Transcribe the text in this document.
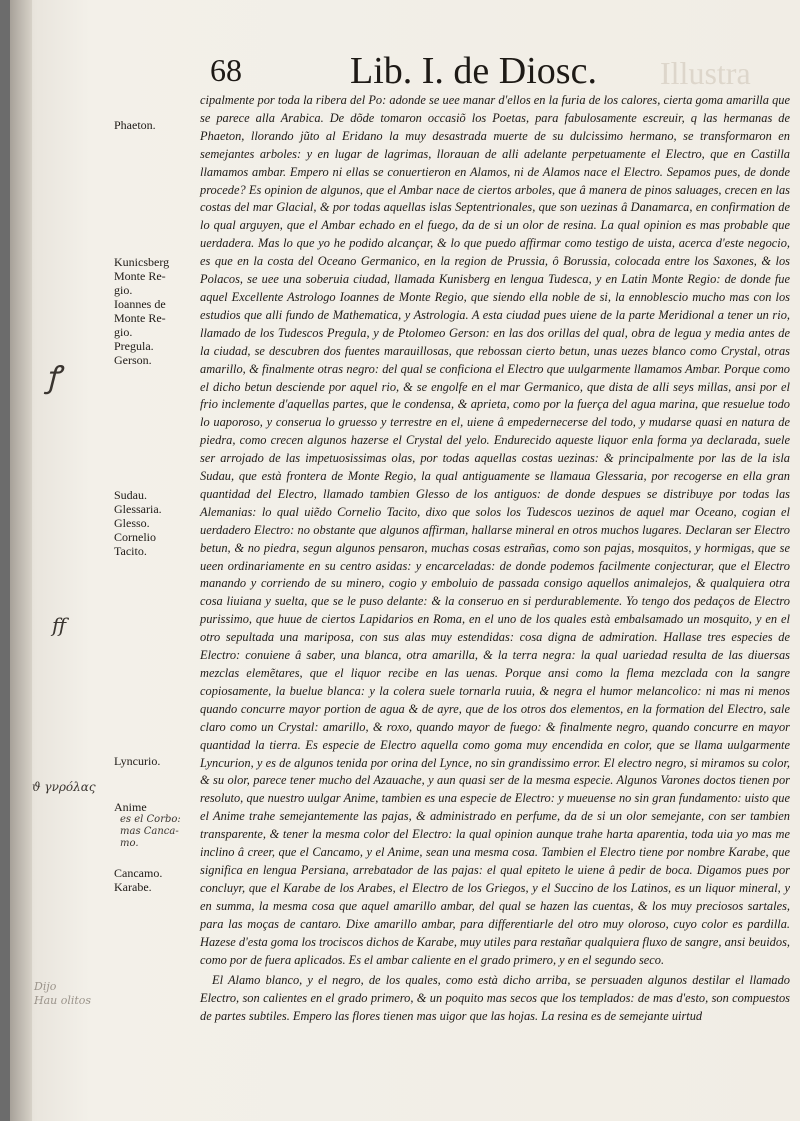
68	Lib. I. de Diosc. Illustra
Phaeton.
Kunicsberg
Monte Re-
gio.
Ioannes de
Monte Re-
gio.
Pregula.
Gerson.
Sudau.
Glessaria.
Glesso.
Cornelio
Tacito.
Lyncurio.
Anime
Cancamo.
Karabe.
ꝭ
ff
ϑ γνρόλας
es el Corbo:
mas Canca-
mo.
Dijo
Hau olitos

cipalmente por toda la ribera del Po: adonde se uee manar d'ellos en la furia de los calores, cierta goma amarilla que se parece alla Arabica. De dõde tomaron occasiõ los Poetas, para fabulosamente escreuir, q las hermanas de Phaeton, llorando jũto al Eridano la muy desastrada muerte de su dulcissimo hermano, se transformaron en semejantes arboles: y en lugar de lagrimas, llorauan de alli adelante perpetuamente el Electro, que en Castilla llamamos ambar. Empero ni ellas se conuertieron en Alamos, ni de Alamos nace el Electro. Sepamos pues, de donde procede? Es opinion de algunos, que el Ambar nace de ciertos arboles, que â manera de pinos saluages, crecen en las costas del mar Glacial, & por todas aquellas islas Septentrionales, que son uezinas â Danamarca, en confirmation de lo qual arguyen, que el Ambar echado en el fuego, da de si un olor de resina. La qual opinion es mas probable que uerdadera. Mas lo que yo he podido alcançar, & lo que puedo affirmar como testigo de uista, acerca d'este negocio, es que en la costa del Oceano Germanico, en la region de Prussia, ô Borussia, colocada entre los Saxones, & los Polacos, se uee una soberuia ciudad, llamada Kunisberg en lengua Tudesca, y en Latin Monte Regio: de donde fue aquel Excellente Astrologo Ioannes de Monte Regio, que siendo ella noble de si, la ennoblescio mucho mas con los estudios que alli fundo de Mathematica, y Astrologia. A esta ciudad pues uiene de la parte Meridional a tener un rio, llamado de los Tudescos Pregula, y de Ptolomeo Gerson: en las dos orillas del qual, obra de legua y media antes de la ciudad, se descubren dos fuentes marauillosas, que rebossan cierto betun, unas uezes blanco como Crystal, otras amarillo, & finalmente otras negro: del qual se conficiona el Electro que uulgarmente llamamos Ambar. Porque como el dicho betun desciende por aquel rio, & se engolfe en el mar Germanico, que dista de alli seys millas, ansi por el frio inclemente d'aquellas partes, que le condensa, & aprieta, como por la fuerça del agua marina, que resuelue todo lo uaporoso, y conserua lo gruesso y terrestre en el, uiene â empedernecerse del todo, y mudarse quasi en natura de piedra, como crecen algunos hazerse el Crystal del yelo. Endurecido aqueste liquor enla forma ya declarada, suele ser arrojado de las impetuosissimas olas, por todas aquellas costas uezinas: & principalmente por las de la isla Sudau, que està frontera de Monte Regio, la qual antiguamente se llamaua Glessaria, por recogerse en ella gran quantidad del Electro, llamado tambien Glesso de los antiguos: de donde despues se distribuye por todas las Alemanias: lo qual uiẽdo Cornelio Tacito, dixo que solos los Tudescos uezinos de aquel mar Oceano, cogian el uerdadero Electro: no obstante que algunos affirman, hallarse mineral en otros muchos lugares. Declaran ser Electro betun, & no piedra, segun algunos pensaron, muchas cosas estrañas, como son pajas, mosquitos, y hormigas, que se ueen ordinariamente en su centro asidas: y encarceladas: de donde podemos facilmente conjecturar, que el Electro manando y corriendo de su minero, cogio y emboluio de passada consigo aquellos animalejos, & qualquiera otra cosa liuiana y suelta, que se le puso delante: & la conseruo en si perdurablemente. Yo tengo dos pedaços de Electro purissimo, que huue de ciertos Lapidarios en Roma, en el uno de los quales està embalsamado un mosquito, y en el otro sepultada una mariposa, con sus alas muy estendidas: cosa digna de admiration. Hallase tres especies de Electro: conuiene â saber, una blanca, otra amarilla, & la terra negra: la qual uariedad resulta de las diuersas mezclas elemẽtares, que el liquor recibe en las uenas. Porque ansi como la flema mezclada con la sangre copiosamente, la buelue blanca: y la colera suele tornarla ruuia, & negra el humor melancolico: ni mas ni menos quando concurre mayor portion de agua & de ayre, que de los otros dos elementos, en la formation del Electro, sale claro como un Crystal: amarillo, & roxo, quando mayor de fuego: & finalmente negro, quando concurre en mayor quantidad la tierra. Es especie de Electro aquella como goma muy encendida en color, que se llama uulgarmente Lyncurion, y es de algunos tenida por orina del Lynce, no sin grandissimo error. El electro negro, si miramos su color, & su olor, parece tener mucho del Azauache, y aun quasi ser de la mesma especie. Algunos Varones doctos tienen por resoluto, que nuestro uulgar Anime, tambien es una especie de Electro: y mueuense no sin gran fundamento: uisto que el Anime trahe semejantemente las pajas, & administrado en perfume, da de si un olor semejante, con ser tambien transparente, & tener la mesma color del Electro: la qual opinion aunque trahe harta aparentia, toda uia yo mas me inclino â creer, que el Cancamo, y el Anime, sean una mesma cosa. Tambien el Electro tiene por nombre Karabe, que significa en lengua Persiana, arrebatador de las pajas: el qual epiteto le uiene â pedir de boca. Digamos pues por concluyr, que el Karabe de los Arabes, el Electro de los Griegos, y el Succino de los Latinos, es un liquor mineral, y en summa, la mesma cosa que aquel amarillo ambar, del qual se hazen las cuentas, & los muy preciosos sartales, para las moças de cantaro. Dixe amarillo ambar, para differentiarle del otro muy oloroso, cuyo color es pardilla. Hazese d'esta goma los trociscos dichos de Karabe, muy utiles para restañar qualquiera fluxo de sangre, ansi beuidos, como por de fuera aplicados. Es el ambar caliente en el grado primero, y en el segundo seco.

El Alamo blanco, y el negro, de los quales, como està dicho arriba, se persuaden algunos destilar el llamado Electro, son calientes en el grado primero, & un poquito mas secos que los templados: de mas d'esto, son compuestos de partes subtiles. Empero las flores tienen mas uigor que las hojas. La resina es de semejante uirtud
